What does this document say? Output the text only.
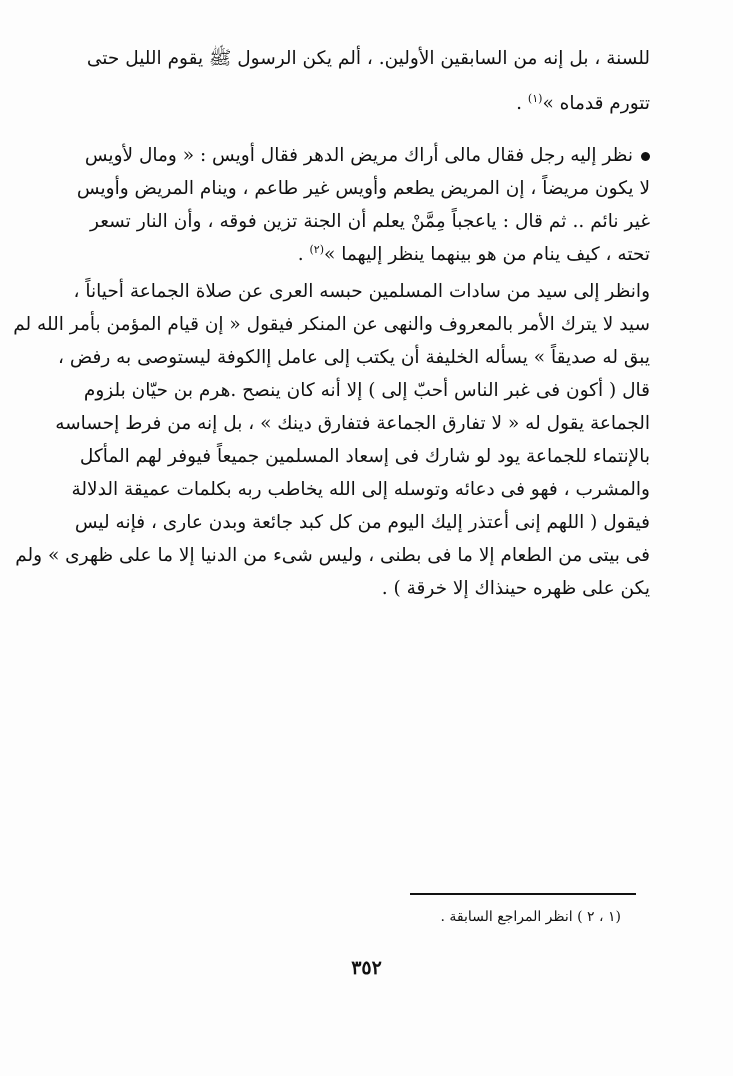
للسنة ، بل إنه من السابقين الأولين. ، ألم يكن الرسول ﷺ يقوم الليل حتى
تتورم قدماه »$^{(١)}$ .
نظر إليه رجل فقال مالى أراك مريض الدهر فقال أويس : « ومال لأويس
لا يكون مريضاً ، إن المريض يطعم وأويس غير طاعم ، وينام المريض وأويس
غير نائم .. ثم قال : ياعجباً مِمَّنْ يعلم أن الجنة تزين فوقه ، وأن النار تسعر
تحته ، كيف ينام من هو بينهما ينظر إليهما »$^{(٢)}$ .
وانظر إلى سيد من سادات المسلمين حبسه العرى عن صلاة الجماعة أحياناً ،
سيد لا يترك الأمر بالمعروف والنهى عن المنكر فيقول « إن قيام المؤمن بأمر الله لم
يبق له صديقاً » يسأله الخليفة أن يكتب إلى عامل إالكوفة ليستوصى به رفض ،
قال ( أكون فى غبر الناس أحبّ إلى ) إلا أنه كان ينصح .هرم بن حيّان بلزوم
الجماعة يقول له « لا تفارق الجماعة فتفارق دينك » ، بل إنه من فرط إحساسه
بالإنتماء للجماعة يود لو شارك فى إسعاد المسلمين جميعاً فيوفر لهم المأكل
والمشرب ، فهو فى دعائه وتوسله إلى الله يخاطب ربه بكلمات عميقة الدلالة
فيقول ( اللهم إنى أعتذر إليك اليوم من كل كبد جائعة وبدن عارى ، فإنه ليس
فى بيتى من الطعام إلا ما فى بطنى ، وليس شىء من الدنيا إلا ما على ظهرى » ولم
يكن على ظهره حينذاك إلا خرقة ) .
(١ ، ٢ ) انظر المراجع السابقة .
٣٥٢
